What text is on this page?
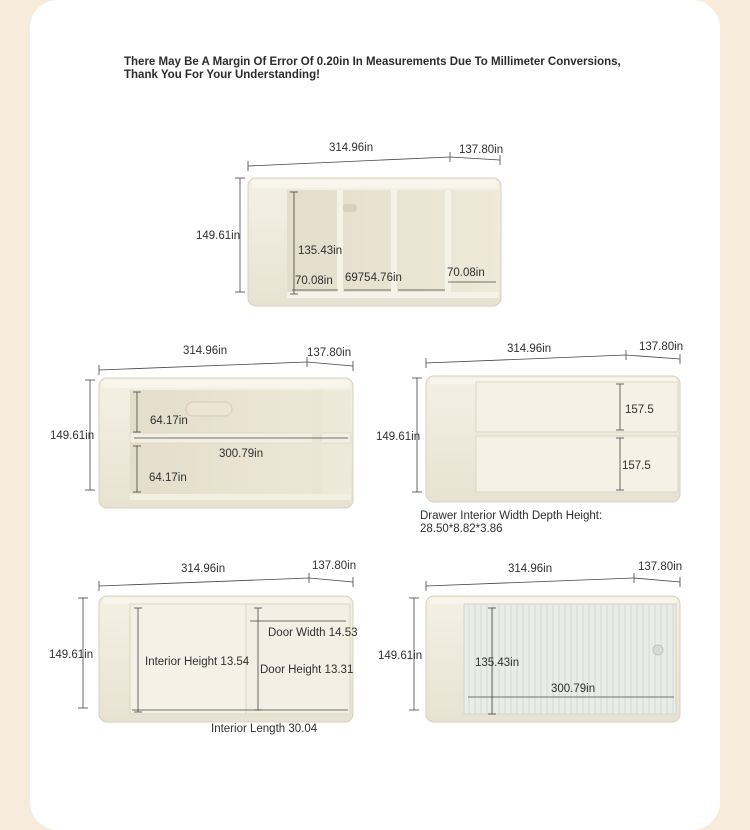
There May Be A Margin Of Error Of 0.20in In Measurements Due To Millimeter Conversions,
Thank You For Your Understanding!
314.96in	137.80in
149.61in
135.43in
70.08in 69754.76in	70.08in
314.96in	137.80in
149.61in
64.17in
300.79in
64.17in
314.96in	137.80in
149.61in
157.5
157.5
Drawer Interior Width Depth Height:
28.50*8.82*3.86
314.96in	137.80in
149.61in
Door Width 14.53
Interior Height 13.54
Door Height 13.31
Interior Length 30.04
314.96in	137.80in
149.61in
135.43in
300.79in
